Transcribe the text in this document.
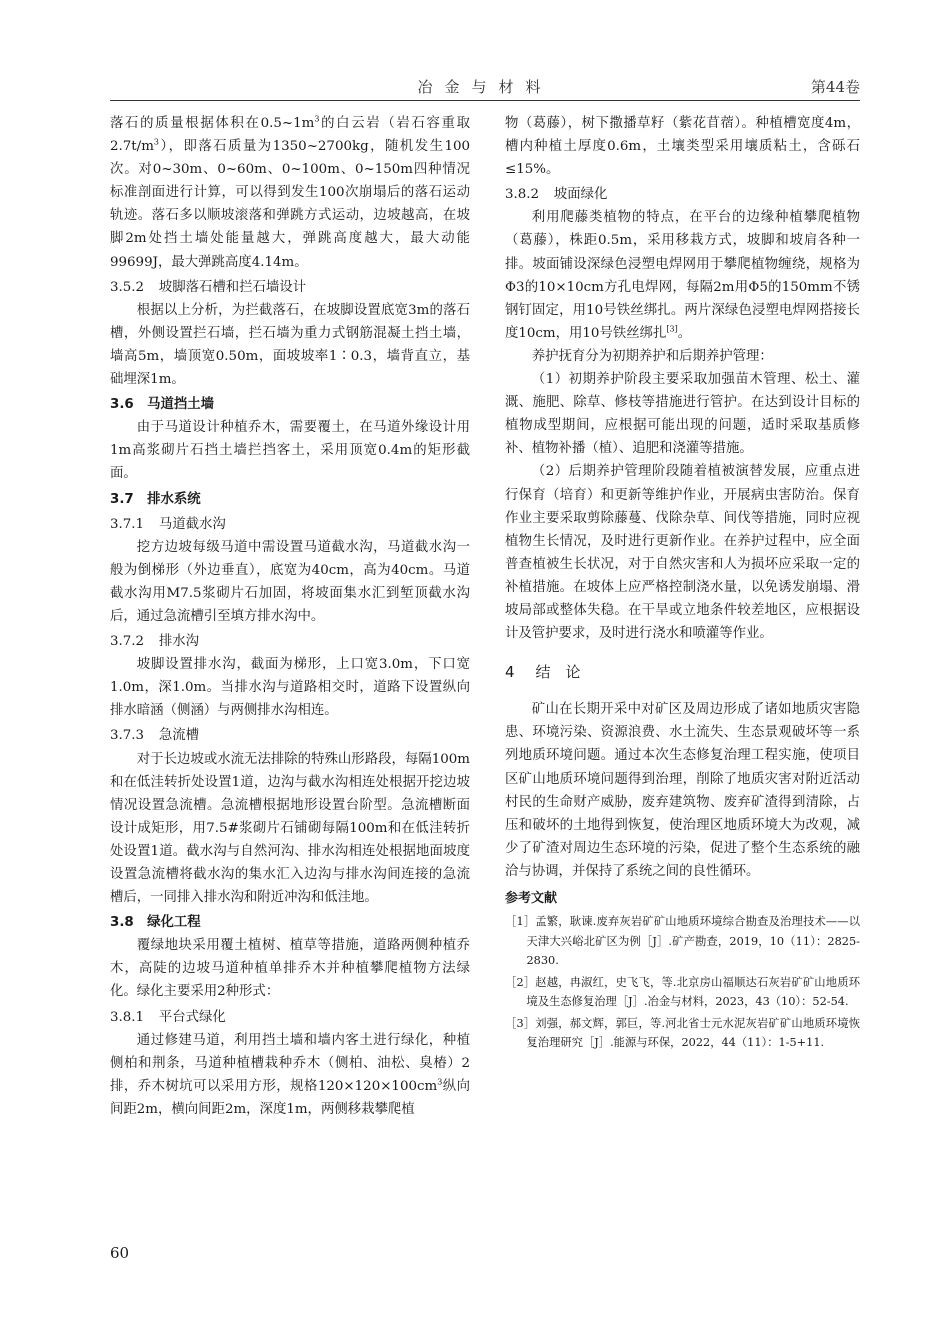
冶金与材料	第44卷

落石的质量根据体积在$0.5\sim 1m^3$的白云岩（岩石容重取$2.7t/m^3$），即落石质量为1350~2700kg，随机发生100次。对0~30m、0~60m、0~100m、0~150m四种情况标准剖面进行计算，可以得到发生100次崩塌后的落石运动轨迹。落石多以顺坡滚落和弹跳方式运动，边坡越高，在坡脚2m处挡土墙处能量越大，弹跳高度越大，最大动能99699J，最大弹跳高度4.14m。

3.5.2 坡脚落石槽和拦石墙设计

根据以上分析，为拦截落石，在坡脚设置底宽3m的落石槽，外侧设置拦石墙，拦石墙为重力式钢筋混凝土挡土墙，墙高5m，墙顶宽0.50m，面坡坡率1∶0.3，墙背直立，基础埋深1m。

3.6　马道挡土墙

由于马道设计种植乔木，需要覆土，在马道外缘设计用1m高浆砌片石挡土墙拦挡客土，采用顶宽0.4m的矩形截面。

3.7　排水系统
3.7.1 马道截水沟

挖方边坡每级马道中需设置马道截水沟，马道截水沟一般为倒梯形（外边垂直），底宽为40cm，高为40cm。马道截水沟用M7.5浆砌片石加固，将坡面集水汇到堑顶截水沟后，通过急流槽引至填方排水沟中。

3.7.2 排水沟

坡脚设置排水沟，截面为梯形，上口宽3.0m，下口宽1.0m，深1.0m。当排水沟与道路相交时，道路下设置纵向排水暗涵（侧涵）与两侧排水沟相连。

3.7.3 急流槽

对于长边坡或水流无法排除的特殊山形路段，每隔100m和在低洼转折处设置1道，边沟与截水沟相连处根据开挖边坡情况设置急流槽。急流槽根据地形设置台阶型。急流槽断面设计成矩形，用7.5#浆砌片石铺砌每隔100m和在低洼转折处设置1道。截水沟与自然河沟、排水沟相连处根据地面坡度设置急流槽将截水沟的集水汇入边沟与排水沟间连接的急流槽后，一同排入排水沟和附近冲沟和低洼地。

3.8　绿化工程

覆绿地块采用覆土植树、植草等措施，道路两侧种植乔木，高陡的边坡马道种植单排乔木并种植攀爬植物方法绿化。绿化主要采用2种形式：

3.8.1 平台式绿化

通过修建马道，利用挡土墙和墙内客土进行绿化，种植侧柏和荆条，马道种植槽栽种乔木（侧柏、油松、臭椿）2排，乔木树坑可以采用方形，规格$120\times 120\times 100cm^3$纵向间距2m，横向间距2m，深度1m，两侧移栽攀爬植

物（葛藤），树下撒播草籽（紫花苜蓿）。种植槽宽度4m，槽内种植土厚度0.6m，土壤类型采用壤质粘土，含砾石≤15%。

3.8.2 坡面绿化

利用爬藤类植物的特点，在平台的边缘种植攀爬植物（葛藤），株距0.5m，采用移栽方式，坡脚和坡肩各种一排。坡面铺设深绿色浸塑电焊网用于攀爬植物缠绕，规格为Φ3的10×10cm方孔电焊网，每隔2m用Φ5的150mm不锈钢钉固定，用10号铁丝绑扎。两片深绿色浸塑电焊网搭接长度10cm，用10号铁丝绑扎[3]。

养护抚育分为初期养护和后期养护管理：

（1）初期养护阶段主要采取加强苗木管理、松土、灌溉、施肥、除草、修枝等措施进行管护。在达到设计目标的植物成型期间，应根据可能出现的问题，适时采取基质修补、植物补播（植）、追肥和浇灌等措施。

（2）后期养护管理阶段随着植被演替发展，应重点进行保育（培育）和更新等维护作业，开展病虫害防治。保育作业主要采取剪除藤蔓、伐除杂草、间伐等措施，同时应视植物生长情况，及时进行更新作业。在养护过程中，应全面普查植被生长状况，对于自然灾害和人为损坏应采取一定的补植措施。在坡体上应严格控制浇水量，以免诱发崩塌、滑坡局部或整体失稳。在干旱或立地条件较差地区，应根据设计及管护要求，及时进行浇水和喷灌等作业。

4 结　论

矿山在长期开采中对矿区及周边形成了诸如地质灾害隐患、环境污染、资源浪费、水土流失、生态景观破坏等一系列地质环境问题。通过本次生态修复治理工程实施，使项目区矿山地质环境问题得到治理，削除了地质灾害对附近活动村民的生命财产威胁，废弃建筑物、废弃矿渣得到清除，占压和破坏的土地得到恢复，使治理区地质环境大为改观，减少了矿渣对周边生态环境的污染，促进了整个生态系统的融洽与协调，并保持了系统之间的良性循环。

参考文献
［1］孟繁，耿谏.废弃灰岩矿矿山地质环境综合勘查及治理技术——以天津大兴峪北矿区为例［J］.矿产勘查，2019，10（11）：2825-2830.
［2］赵越，冉淑红，史飞飞，等.北京房山福顺达石灰岩矿矿山地质环境及生态修复治理［J］.冶金与材料，2023，43（10）：52-54.
［3］刘强，郝文辉，郭巨，等.河北省士元水泥灰岩矿矿山地质环境恢复治理研究［J］.能源与环保，2022，44（11）：1-5+11.
60
